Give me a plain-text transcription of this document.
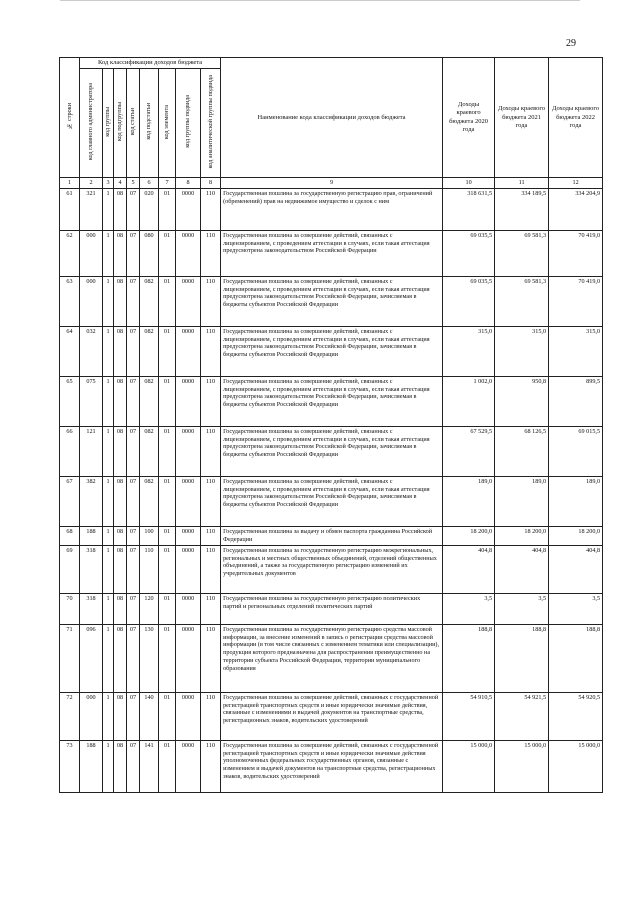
29
№ строки	Код классификации доходов бюджета								Наименование кода классификации доходов бюджета	Доходы краевого бюджета 2020 года	Доходы краевого бюджета 2021 года	Доходы краевого бюджета 2022 года
	код главного администратора	код группы	код подгруппы	код статьи	код подстатьи	код элемента	код группы подвида	код аналитической группы подвида				
1	2	3	4	5	6	7	8	8	9	10	11	12
61	321	1	08	07	020	01	0000	110	Государственная пошлина за государственную регистрацию прав, ограничений (обременений) прав на недвижимое имущество и сделок с ним	318 631,5	334 189,5	334 204,9
62	000	1	08	07	080	01	0000	110	Государственная пошлина за совершение действий, связанных с лицензированием, с проведением аттестации в случаях, если такая аттестация предусмотрена законодательством Российской Федерации	69 035,5	69 581,3	70 419,0
63	000	1	08	07	082	01	0000	110	Государственная пошлина за совершение действий, связанных с лицензированием, с проведением аттестации в случаях, если такая аттестация предусмотрена законодательством Российской Федерации, зачисляемая в бюджеты субъектов Российской Федерации	69 035,5	69 581,3	70 419,0
64	032	1	08	07	082	01	0000	110	Государственная пошлина за совершение действий, связанных с лицензированием, с проведением аттестации в случаях, если такая аттестация предусмотрена законодательством Российской Федерации, зачисляемая в бюджеты субъектов Российской Федерации	315,0	315,0	315,0
65	075	1	08	07	082	01	0000	110	Государственная пошлина за совершение действий, связанных с лицензированием, с проведением аттестации в случаях, если такая аттестация предусмотрена законодательством Российской Федерации, зачисляемая в бюджеты субъектов Российской Федерации	1 002,0	950,8	899,5
66	121	1	08	07	082	01	0000	110	Государственная пошлина за совершение действий, связанных с лицензированием, с проведением аттестации в случаях, если такая аттестация предусмотрена законодательством Российской Федерации, зачисляемая в бюджеты субъектов Российской Федерации	67 529,5	68 126,5	69 015,5
67	382	1	08	07	082	01	0000	110	Государственная пошлина за совершение действий, связанных с лицензированием, с проведением аттестации в случаях, если такая аттестация предусмотрена законодательством Российской Федерации, зачисляемая в бюджеты субъектов Российской Федерации	189,0	189,0	189,0
68	188	1	08	07	100	01	0000	110	Государственная пошлина за выдачу и обмен паспорта гражданина Российской Федерации	18 200,0	18 200,0	18 200,0
69	318	1	08	07	110	01	0000	110	Государственная пошлина за государственную регистрацию межрегиональных, региональных и местных общественных объединений, отделений общественных объединений, а также за государственную регистрацию изменений их учредительных документов	404,8	404,8	404,8
70	318	1	08	07	120	01	0000	110	Государственная пошлина за государственную регистрацию политических партий и региональных отделений политических партий	3,5	3,5	3,5
71	096	1	08	07	130	01	0000	110	Государственная пошлина за государственную регистрацию средства массовой информации, за внесение изменений в запись о регистрации средства массовой информации (в том числе связанных с изменением тематики или специализации), продукция которого предназначена для распространения преимущественно на территории субъекта Российской Федерации, территории муниципального образования	188,8	188,8	188,8
72	000	1	08	07	140	01	0000	110	Государственная пошлина за совершение действий, связанных с государственной регистрацией транспортных средств и иные юридически значимые действия, связанные с изменениями и выдачей документов на транспортные средства, регистрационных знаков, водительских удостоверений	54 910,5	54 921,5	54 920,5
73	188	1	08	07	141	01	0000	110	Государственная пошлина за совершение действий, связанных с государственной регистрацией транспортных средств и иные юридически значимые действия уполномоченных федеральных государственных органов, связанные с изменением и выдачей документов на транспортные средства, регистрационных знаков, водительских удостоверений	15 000,0	15 000,0	15 000,0
